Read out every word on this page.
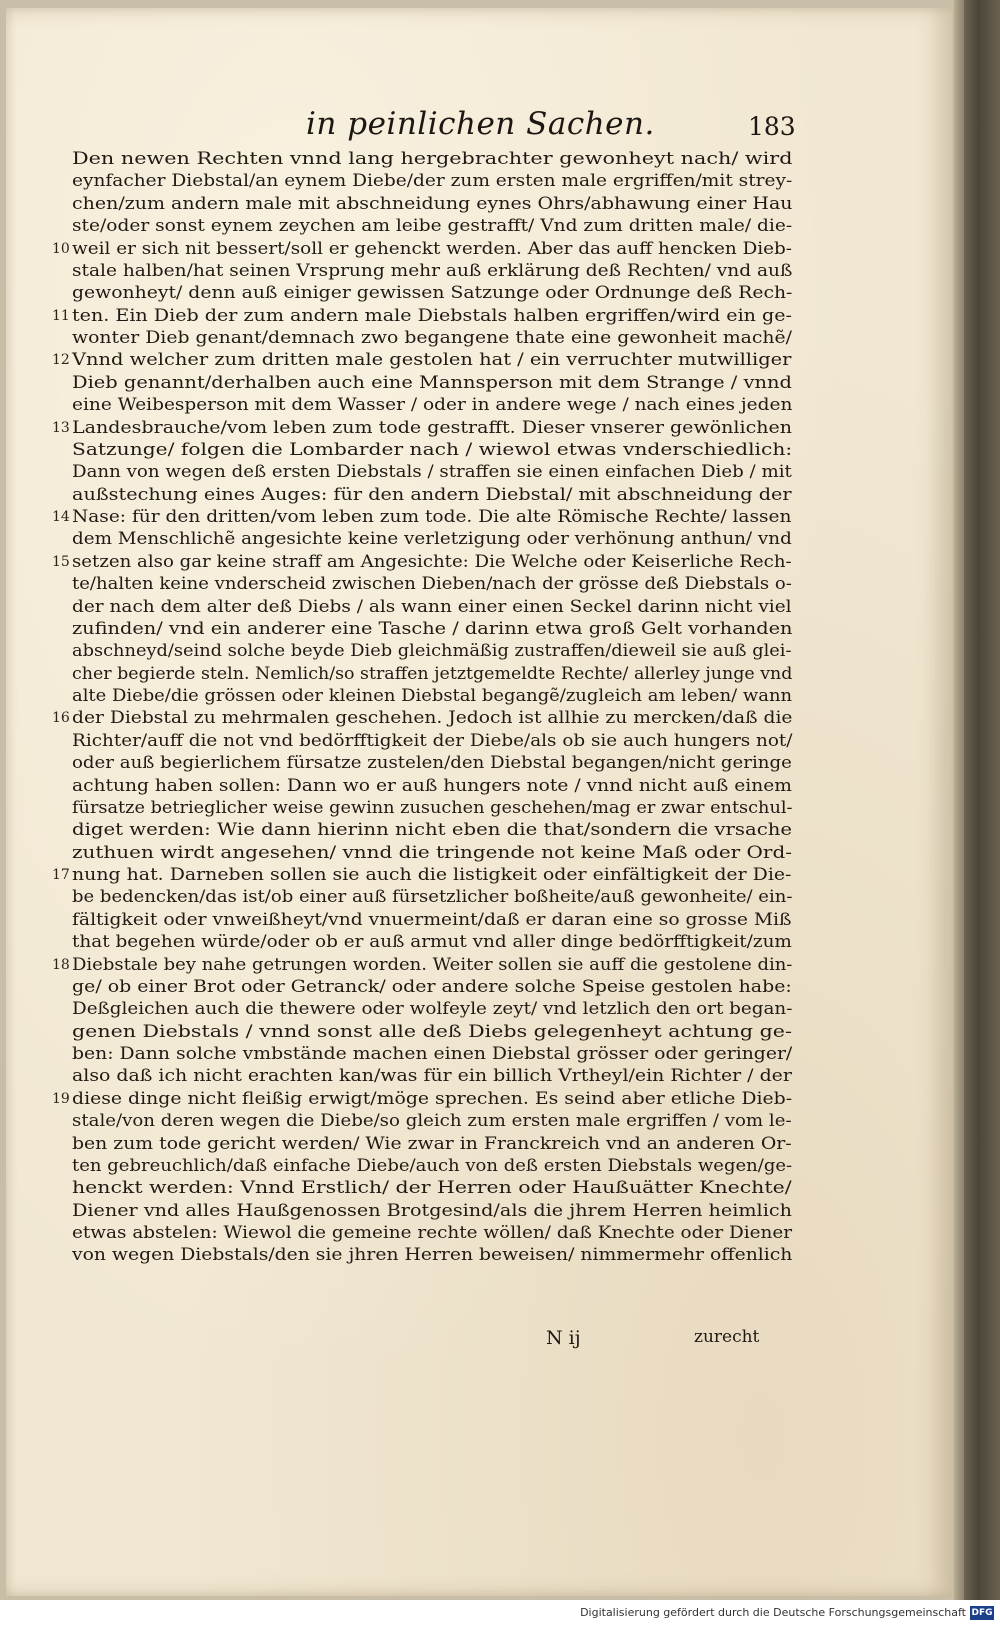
in peinlichen Sachen.	183
Den newen Rechten vnnd lang hergebrachter gewonheyt nach/ wird
eynfacher Diebstal/an eynem Diebe/der zum ersten male ergriffen/mit strey-
chen/zum andern male mit abschneidung eynes Ohrs/abhawung einer Hau
ste/oder sonst eynem zeychen am leibe gestrafft/ Vnd zum dritten male/ die-
10 weil er sich nit bessert/soll er gehenckt werden. Aber das auff hencken Dieb-
stale halben/hat seinen Vrsprung mehr auß erklärung deß Rechten/ vnd auß
gewonheyt/ denn auß einiger gewissen Satzunge oder Ordnunge deß Rech-
11 ten. Ein Dieb der zum andern male Diebstals halben ergriffen/wird ein ge-
wonter Dieb genant/demnach zwo begangene thate eine gewonheit machẽ/
12 Vnnd welcher zum dritten male gestolen hat / ein verruchter mutwilliger
Dieb genannt/derhalben auch eine Mannsperson mit dem Strange / vnnd
eine Weibesperson mit dem Wasser / oder in andere wege / nach eines jeden
13 Landesbrauche/vom leben zum tode gestrafft. Dieser vnserer gewönlichen
Satzunge/ folgen die Lombarder nach / wiewol etwas vnderschiedlich:
Dann von wegen deß ersten Diebstals / straffen sie einen einfachen Dieb / mit
außstechung eines Auges: für den andern Diebstal/ mit abschneidung der
14 Nase: für den dritten/vom leben zum tode. Die alte Römische Rechte/ lassen
dem Menschlichẽ angesichte keine verletzigung oder verhönung anthun/ vnd
15 setzen also gar keine straff am Angesichte: Die Welche oder Keiserliche Rech-
te/halten keine vnderscheid zwischen Dieben/nach der grösse deß Diebstals o-
der nach dem alter deß Diebs / als wann einer einen Seckel darinn nicht viel
zufinden/ vnd ein anderer eine Tasche / darinn etwa groß Gelt vorhanden
abschneyd/seind solche beyde Dieb gleichmäßig zustraffen/dieweil sie auß glei-
cher begierde steln. Nemlich/so straffen jetztgemeldte Rechte/ allerley junge vnd
alte Diebe/die grössen oder kleinen Diebstal begangẽ/zugleich am leben/ wann
16 der Diebstal zu mehrmalen geschehen. Jedoch ist allhie zu mercken/daß die
Richter/auff die not vnd bedörfftigkeit der Diebe/als ob sie auch hungers not/
oder auß begierlichem fürsatze zustelen/den Diebstal begangen/nicht geringe
achtung haben sollen: Dann wo er auß hungers note / vnnd nicht auß einem
fürsatze betrieglicher weise gewinn zusuchen geschehen/mag er zwar entschul-
diget werden: Wie dann hierinn nicht eben die that/sondern die vrsache
zuthuen wirdt angesehen/ vnnd die tringende not keine Maß oder Ord-
17 nung hat. Darneben sollen sie auch die listigkeit oder einfältigkeit der Die-
be bedencken/das ist/ob einer auß fürsetzlicher boßheite/auß gewonheite/ ein-
fältigkeit oder vnweißheyt/vnd vnuermeint/daß er daran eine so grosse Miß
that begehen würde/oder ob er auß armut vnd aller dinge bedörfftigkeit/zum
18 Diebstale bey nahe getrungen worden. Weiter sollen sie auff die gestolene din-
ge/ ob einer Brot oder Getranck/ oder andere solche Speise gestolen habe:
Deßgleichen auch die thewere oder wolfeyle zeyt/ vnd letzlich den ort began-
genen Diebstals / vnnd sonst alle deß Diebs gelegenheyt achtung ge-
ben: Dann solche vmbstände machen einen Diebstal grösser oder geringer/
also daß ich nicht erachten kan/was für ein billich Vrtheyl/ein Richter / der
19 diese dinge nicht fleißig erwigt/möge sprechen. Es seind aber etliche Dieb-
stale/von deren wegen die Diebe/so gleich zum ersten male ergriffen / vom le-
ben zum tode gericht werden/ Wie zwar in Franckreich vnd an anderen Or-
ten gebreuchlich/daß einfache Diebe/auch von deß ersten Diebstals wegen/ge-
henckt werden: Vnnd Erstlich/ der Herren oder Haußuätter Knechte/
Diener vnd alles Haußgenossen Brotgesind/als die jhrem Herren heimlich
etwas abstelen: Wiewol die gemeine rechte wöllen/ daß Knechte oder Diener
von wegen Diebstals/den sie jhren Herren beweisen/ nimmermehr offenlich
N ij	zurecht
Digitalisierung gefördert durch die Deutsche Forschungsgemeinschaft DFG
